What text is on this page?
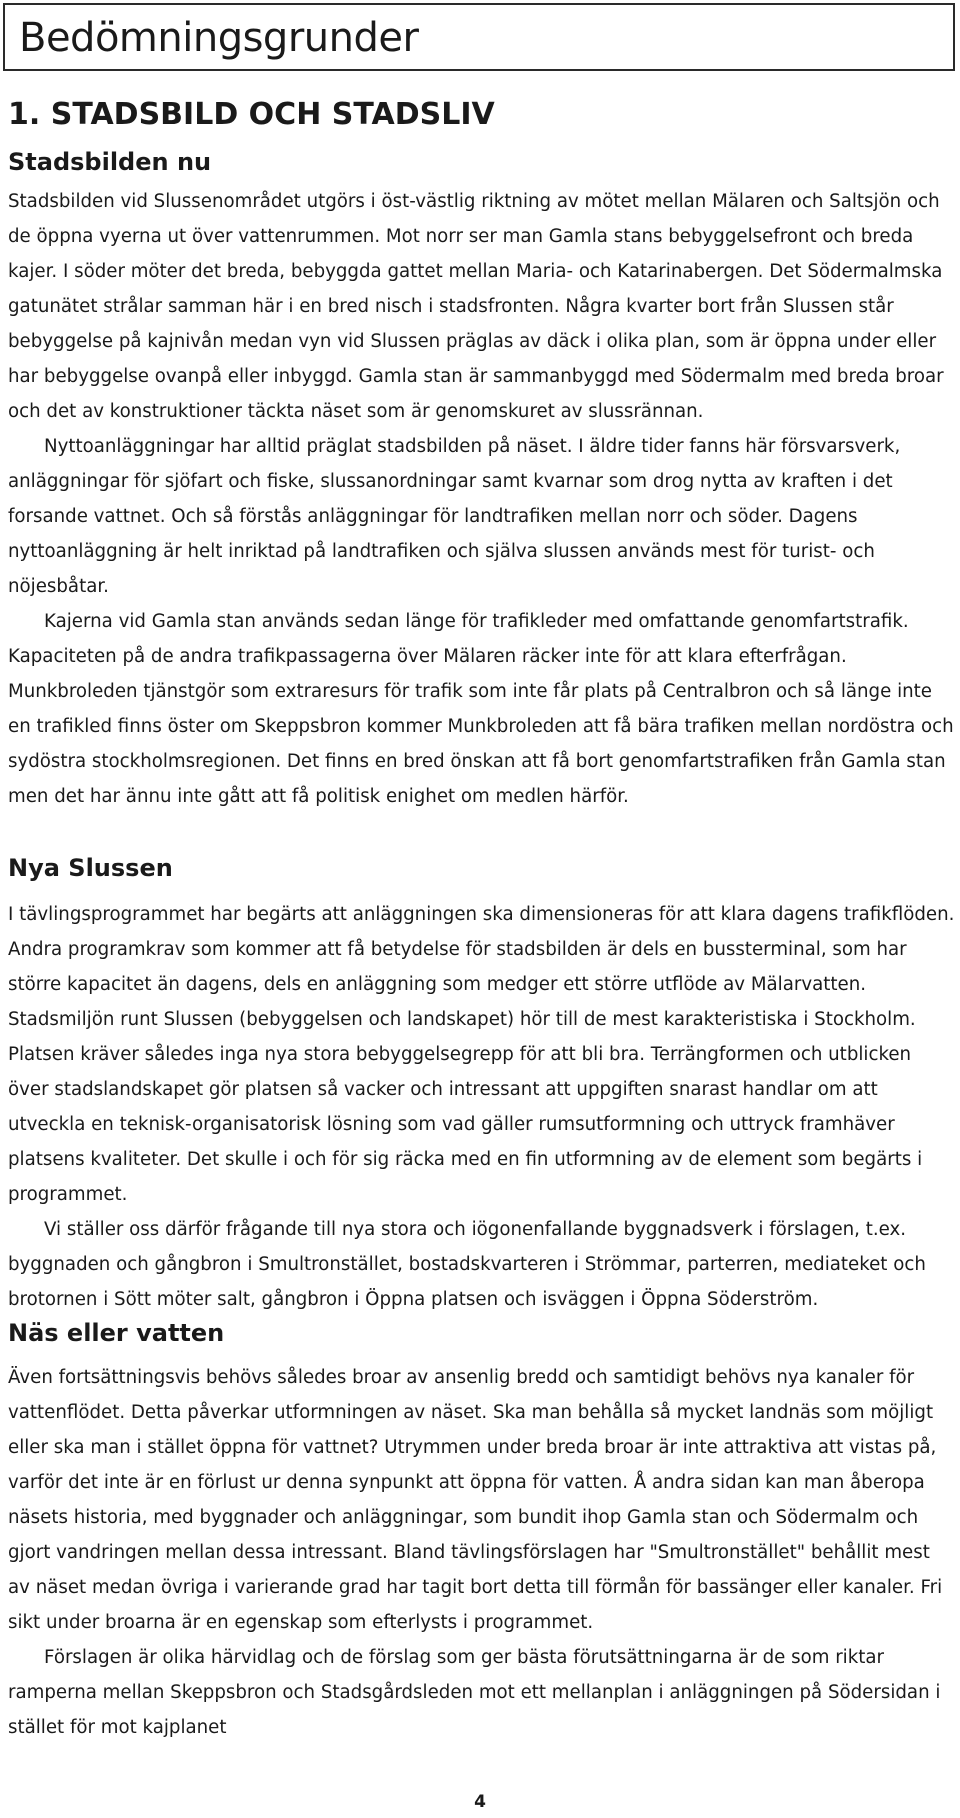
Bedömningsgrunder
1. STADSBILD OCH STADSLIV
Stadsbilden nu

Stadsbilden vid Slussenområdet utgörs i öst-västlig riktning av mötet mellan Mälaren och Saltsjön och de öppna vyerna ut över vattenrummen. Mot norr ser man Gamla stans bebyggelsefront och breda kajer. I söder möter det breda, bebyggda gattet mellan Maria- och Katarinabergen. Det Södermalmska gatunätet strålar samman här i en bred nisch i stadsfronten. Några kvarter bort från Slussen står bebyggelse på kajnivån medan vyn vid Slussen präglas av däck i olika plan, som är öppna under eller har bebyggelse ovanpå eller inbyggd. Gamla stan är sammanbyggd med Södermalm med breda broar och det av konstruktioner täckta näset som är genomskuret av slussrännan.

Nyttoanläggningar har alltid präglat stadsbilden på näset. I äldre tider fanns här försvarsverk, anläggningar för sjöfart och fiske, slussanordningar samt kvarnar som drog nytta av kraften i det forsande vattnet. Och så förstås anläggningar för landtrafiken mellan norr och söder. Dagens nyttoanläggning är helt inriktad på landtrafiken och själva slussen används mest för turist- och nöjesbåtar.

Kajerna vid Gamla stan används sedan länge för trafikleder med omfattande genomfartstrafik. Kapaciteten på de andra trafikpassagerna över Mälaren räcker inte för att klara efterfrågan. Munkbroleden tjänstgör som extraresurs för trafik som inte får plats på Centralbron och så länge inte en trafikled finns öster om Skeppsbron kommer Munkbroleden att få bära trafiken mellan nordöstra och sydöstra stockholmsregionen. Det finns en bred önskan att få bort genomfartstrafiken från Gamla stan men det har ännu inte gått att få politisk enighet om medlen härför.

Nya Slussen

I tävlingsprogrammet har begärts att anläggningen ska dimensioneras för att klara dagens trafikflöden. Andra programkrav som kommer att få betydelse för stadsbilden är dels en bussterminal, som har större kapacitet än dagens, dels en anläggning som medger ett större utflöde av Mälarvatten. Stadsmiljön runt Slussen (bebyggelsen och landskapet) hör till de mest karakteristiska i Stockholm. Platsen kräver således inga nya stora bebyggelsegrepp för att bli bra. Terrängformen och utblicken över stadslandskapet gör platsen så vacker och intressant att uppgiften snarast handlar om att utveckla en teknisk-organisatorisk lösning som vad gäller rumsutformning och uttryck framhäver platsens kvaliteter. Det skulle i och för sig räcka med en fin utformning av de element som begärts i programmet.

Vi ställer oss därför frågande till nya stora och iögonenfallande byggnadsverk i förslagen, t.ex. byggnaden och gångbron i Smultronstället, bostadskvarteren i Strömmar, parterren, mediateket och brotornen i Sött möter salt, gångbron i Öppna platsen och isväggen i Öppna Söderström.

Näs eller vatten

Även fortsättningsvis behövs således broar av ansenlig bredd och samtidigt behövs nya kanaler för vattenflödet. Detta påverkar utformningen av näset. Ska man behålla så mycket landnäs som möjligt eller ska man i stället öppna för vattnet? Utrymmen under breda broar är inte attraktiva att vistas på, varför det inte är en förlust ur denna synpunkt att öppna för vatten. Å andra sidan kan man åberopa näsets historia, med byggnader och anläggningar, som bundit ihop Gamla stan och Södermalm och gjort vandringen mellan dessa intressant. Bland tävlingsförslagen har "Smultronstället" behållit mest av näset medan övriga i varierande grad har tagit bort detta till förmån för bassänger eller kanaler. Fri sikt under broarna är en egenskap som efterlysts i programmet.

Förslagen är olika härvidlag och de förslag som ger bästa förutsättningarna är de som riktar ramperna mellan Skeppsbron och Stadsgårdsleden mot ett mellanplan i anläggningen på Södersidan i stället för mot kajplanet

4
